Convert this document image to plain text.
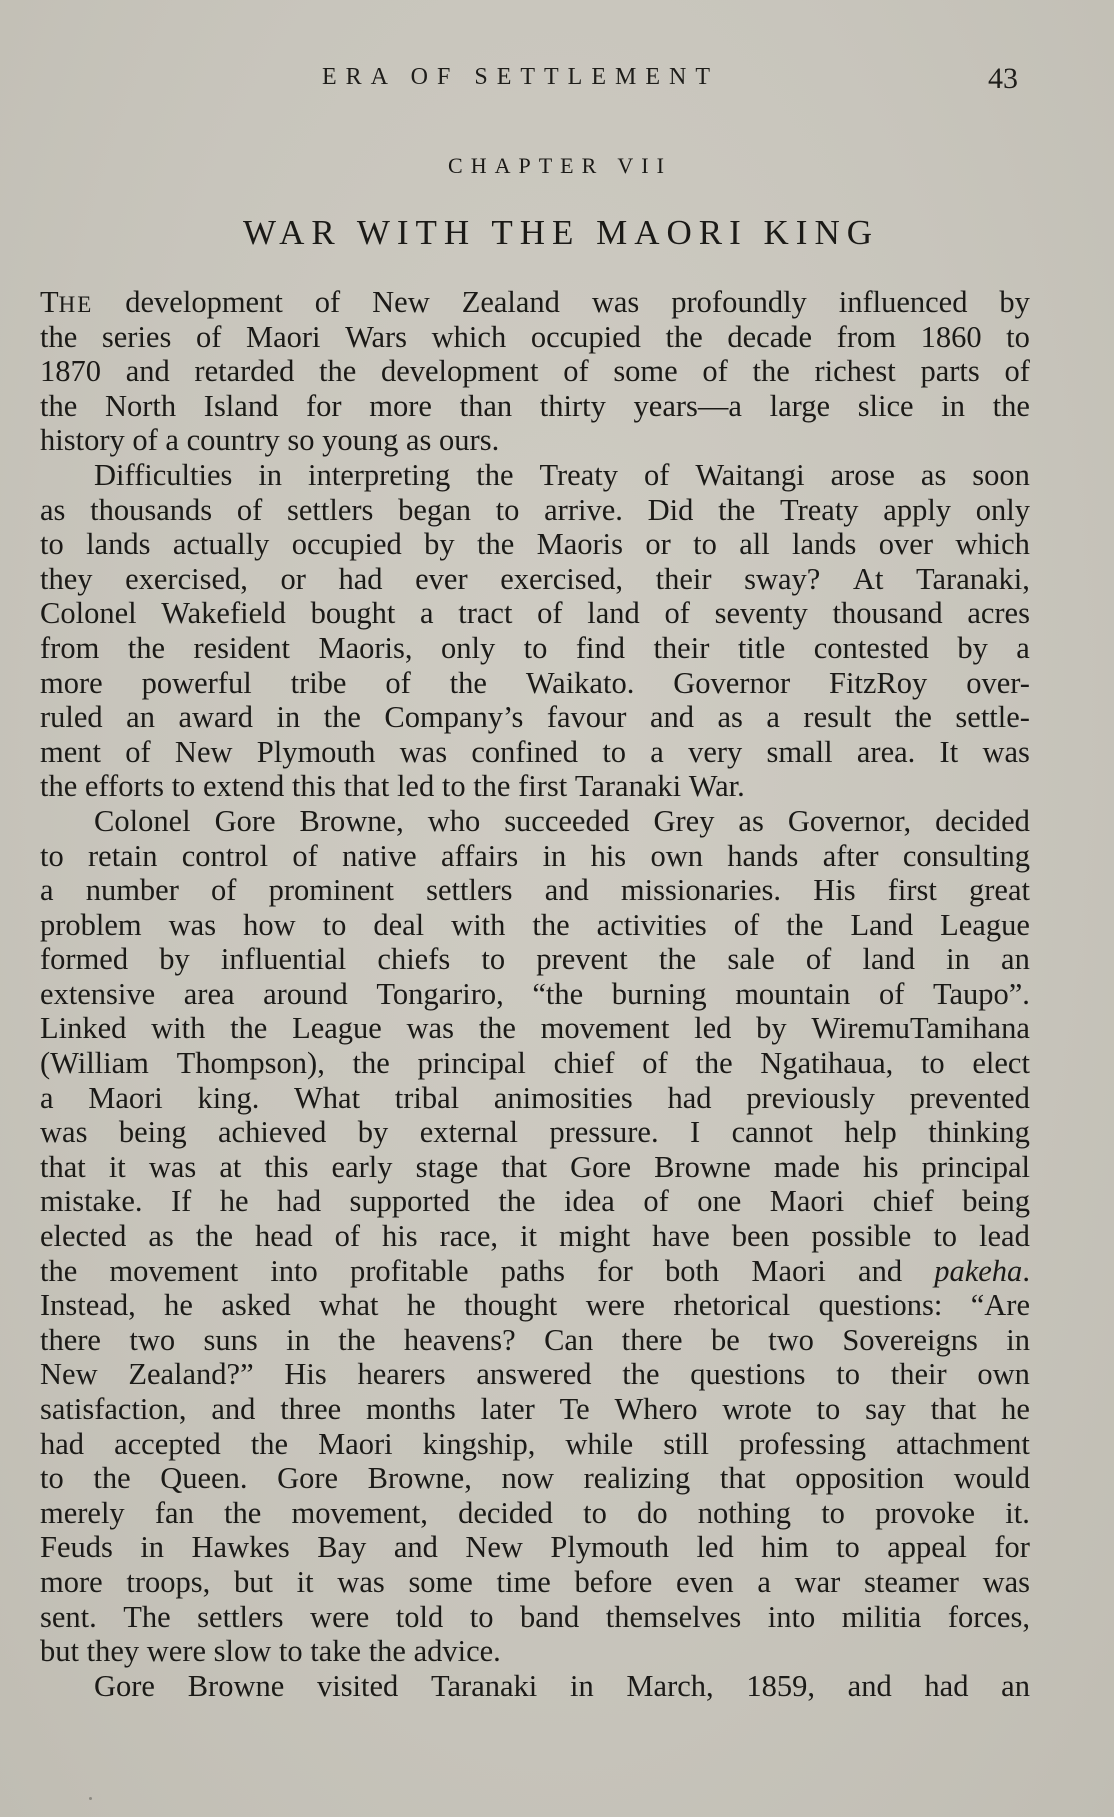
ERA OF SETTLEMENT	43
CHAPTER VII
WAR WITH THE MAORI KING
THE development of New Zealand was profoundly influenced by
the series of Maori Wars which occupied the decade from 1860 to
1870 and retarded the development of some of the richest parts of
the North Island for more than thirty years—a large slice in the
history of a country so young as ours.
Difficulties in interpreting the Treaty of Waitangi arose as soon
as thousands of settlers began to arrive. Did the Treaty apply only
to lands actually occupied by the Maoris or to all lands over which
they exercised, or had ever exercised, their sway? At Taranaki,
Colonel Wakefield bought a tract of land of seventy thousand acres
from the resident Maoris, only to find their title contested by a
more powerful tribe of the Waikato. Governor FitzRoy over-
ruled an award in the Company’s favour and as a result the settle-
ment of New Plymouth was confined to a very small area. It was
the efforts to extend this that led to the first Taranaki War.
Colonel Gore Browne, who succeeded Grey as Governor, decided
to retain control of native affairs in his own hands after consulting
a number of prominent settlers and missionaries. His first great
problem was how to deal with the activities of the Land League
formed by influential chiefs to prevent the sale of land in an
extensive area around Tongariro, “the burning mountain of Taupo”.
Linked with the League was the movement led by WiremuTamihana
(William Thompson), the principal chief of the Ngatihaua, to elect
a Maori king. What tribal animosities had previously prevented
was being achieved by external pressure. I cannot help thinking
that it was at this early stage that Gore Browne made his principal
mistake. If he had supported the idea of one Maori chief being
elected as the head of his race, it might have been possible to lead
the movement into profitable paths for both Maori and pakeha.
Instead, he asked what he thought were rhetorical questions: “Are
there two suns in the heavens? Can there be two Sovereigns in
New Zealand?” His hearers answered the questions to their own
satisfaction, and three months later Te Whero wrote to say that he
had accepted the Maori kingship, while still professing attachment
to the Queen. Gore Browne, now realizing that opposition would
merely fan the movement, decided to do nothing to provoke it.
Feuds in Hawkes Bay and New Plymouth led him to appeal for
more troops, but it was some time before even a war steamer was
sent. The settlers were told to band themselves into militia forces,
but they were slow to take the advice.
Gore Browne visited Taranaki in March, 1859, and had an
